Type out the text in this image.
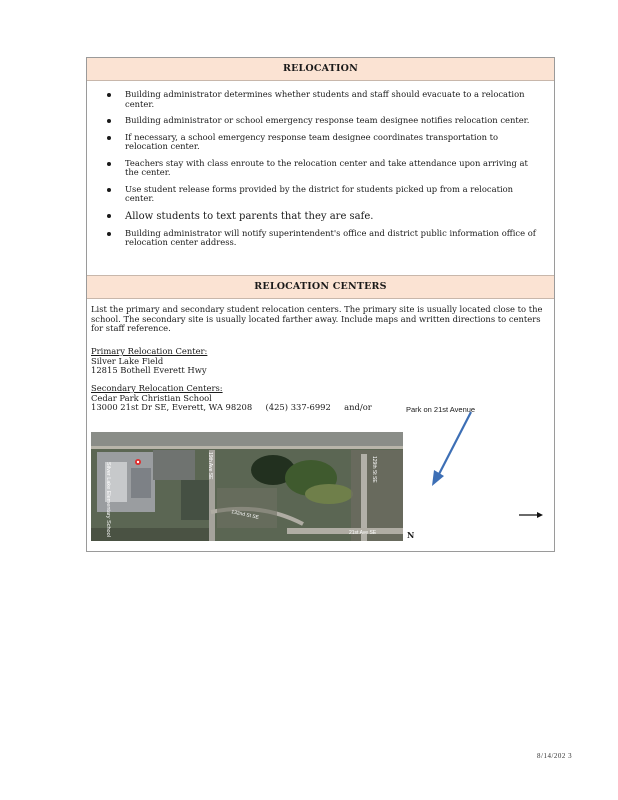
RELOCATION
Building administrator determines whether students and staff should evacuate to a relocation center.
Building administrator or school emergency response team designee notifies relocation center.
If necessary, a school emergency response team designee coordinates transportation to relocation center.
Teachers stay with class enroute to the relocation center and take attendance upon arriving at the center.
Use student release forms provided by the district for students picked up from a relocation center.
Allow students to text parents that they are safe.
Building administrator will notify superintendent's office and district public information office of relocation center address.
RELOCATION CENTERS
List the primary and secondary student relocation centers. The primary site is usually located close to the school. The secondary site is usually located farther away. Include maps and written directions to centers for staff reference.
Primary Relocation Center:
Silver Lake Field
12815 Bothell Everett Hwy
Secondary Relocation Centers:
Cedar Park Christian School
13000 21st Dr SE, Everett, WA 98208     (425) 337-6992     and/or	Park on 21st Avenue
Silver Lake Elementary School	19th Ave SE
132nd St SE
21st Ave SE
129th St SE
N
8/14/202 3
